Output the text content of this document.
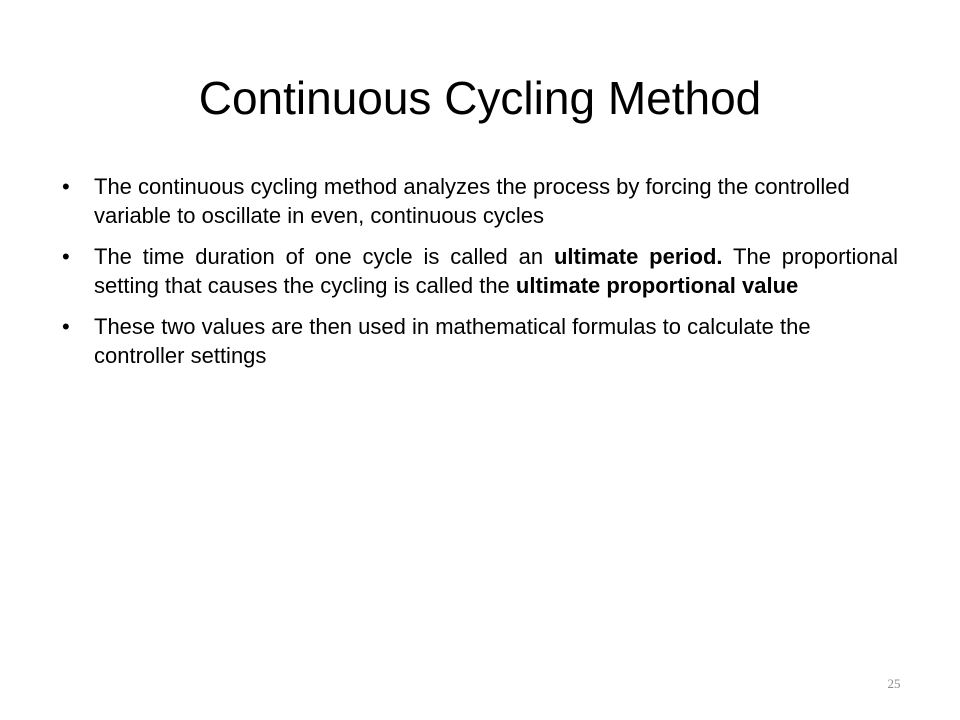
Continuous Cycling Method
•	The continuous cycling method analyzes the process by forcing the controlled variable to oscillate in even, continuous cycles
•	The time duration of one cycle is called an ultimate period. The proportional setting that causes the cycling is called the ultimate proportional value
•	These two values are then used in mathematical formulas to calculate the controller settings
25
